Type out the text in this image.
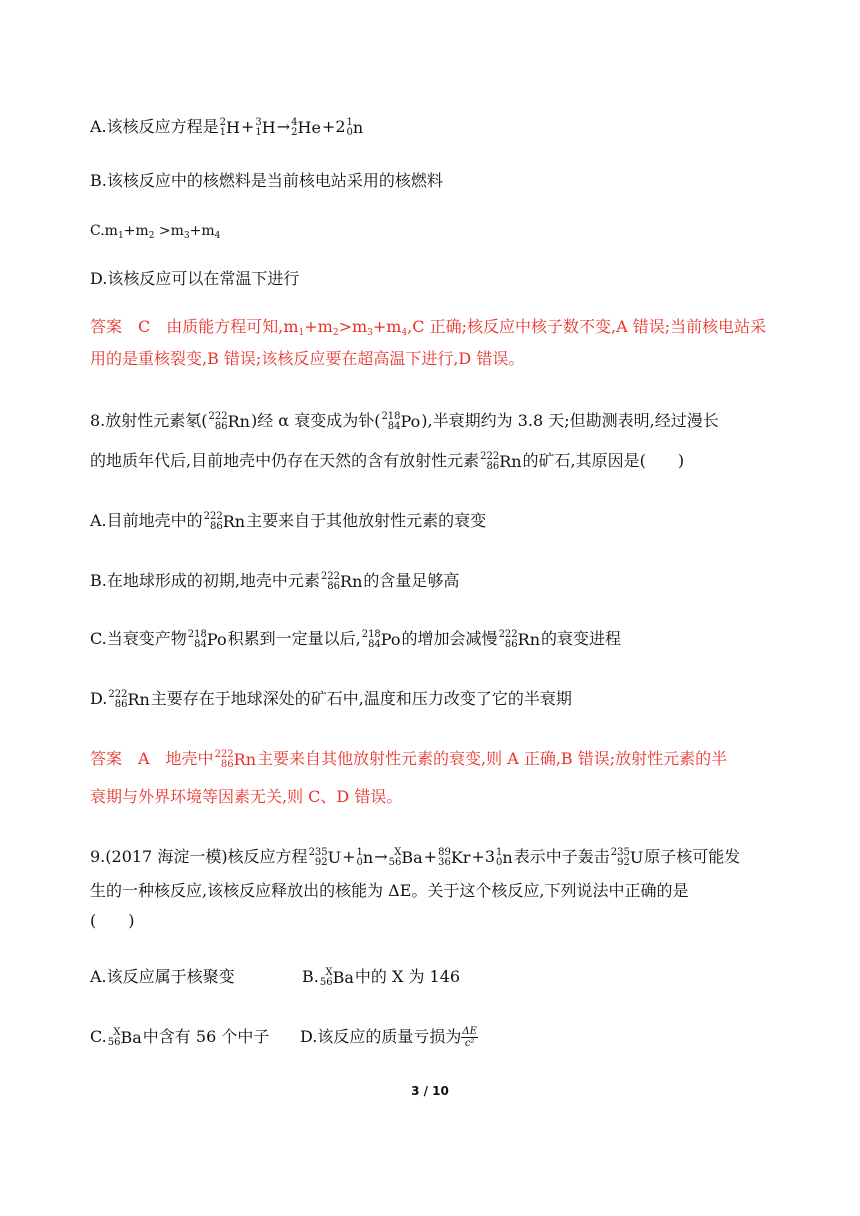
A.该核反应方程是 2
1 H+ 3
1 H→ 4
2 He+2 1
0 n
B.该核反应中的核燃料是当前核电站采用的核燃料
$C.m_1+m_2 >m_3+m_4$
D.该核反应可以在常温下进行
答案　C　由质能方程可知$,m_1+m_2>m_3+m_4,C$ 正确;核反应中核子数不变,A 错误;当前核电站采
用的是重核裂变,B 错误;该核反应要在超高温下进行,D 错误。
8.放射性元素氡( 222
86 Rn)经 α 衰变成为钋( 218
84 Po),半衰期约为 3.8 天;但勘测表明,经过漫长
的地质年代后,目前地壳中仍存在天然的含有放射性元素 222
86 Rn的矿石,其原因是(　　)
A.目前地壳中的 222
86 Rn主要来自于其他放射性元素的衰变
B.在地球形成的初期,地壳中元素 222
86 Rn的含量足够高
C.当衰变产物 218
84 Po积累到一定量以后, 218
84 Po的增加会减慢 222
86 Rn的衰变进程
D. 222
86 Rn主要存在于地球深处的矿石中,温度和压力改变了它的半衰期
答案　A　地壳中 222
86 Rn主要来自其他放射性元素的衰变,则 A 正确,B 错误;放射性元素的半
衰期与外界环境等因素无关,则 C、D 错误。
9.(2017 海淀一模)核反应方程 235
92 U+ 1
0 n→ X
56 Ba+ 89
36 Kr+3 1
0 n表示中子轰击 235
92 U原子核可能发
生的一种核反应,该核反应释放出的核能为 ΔE。关于这个核反应,下列说法中正确的是
(　　)
A.该反应属于核聚变	B. X
56 Ba中的 X 为 146
C. X
56 Ba中含有 56 个中子 D.该反应的质量亏损为 $\frac{\Delta E}{\text{c²}}$
3 / 10
